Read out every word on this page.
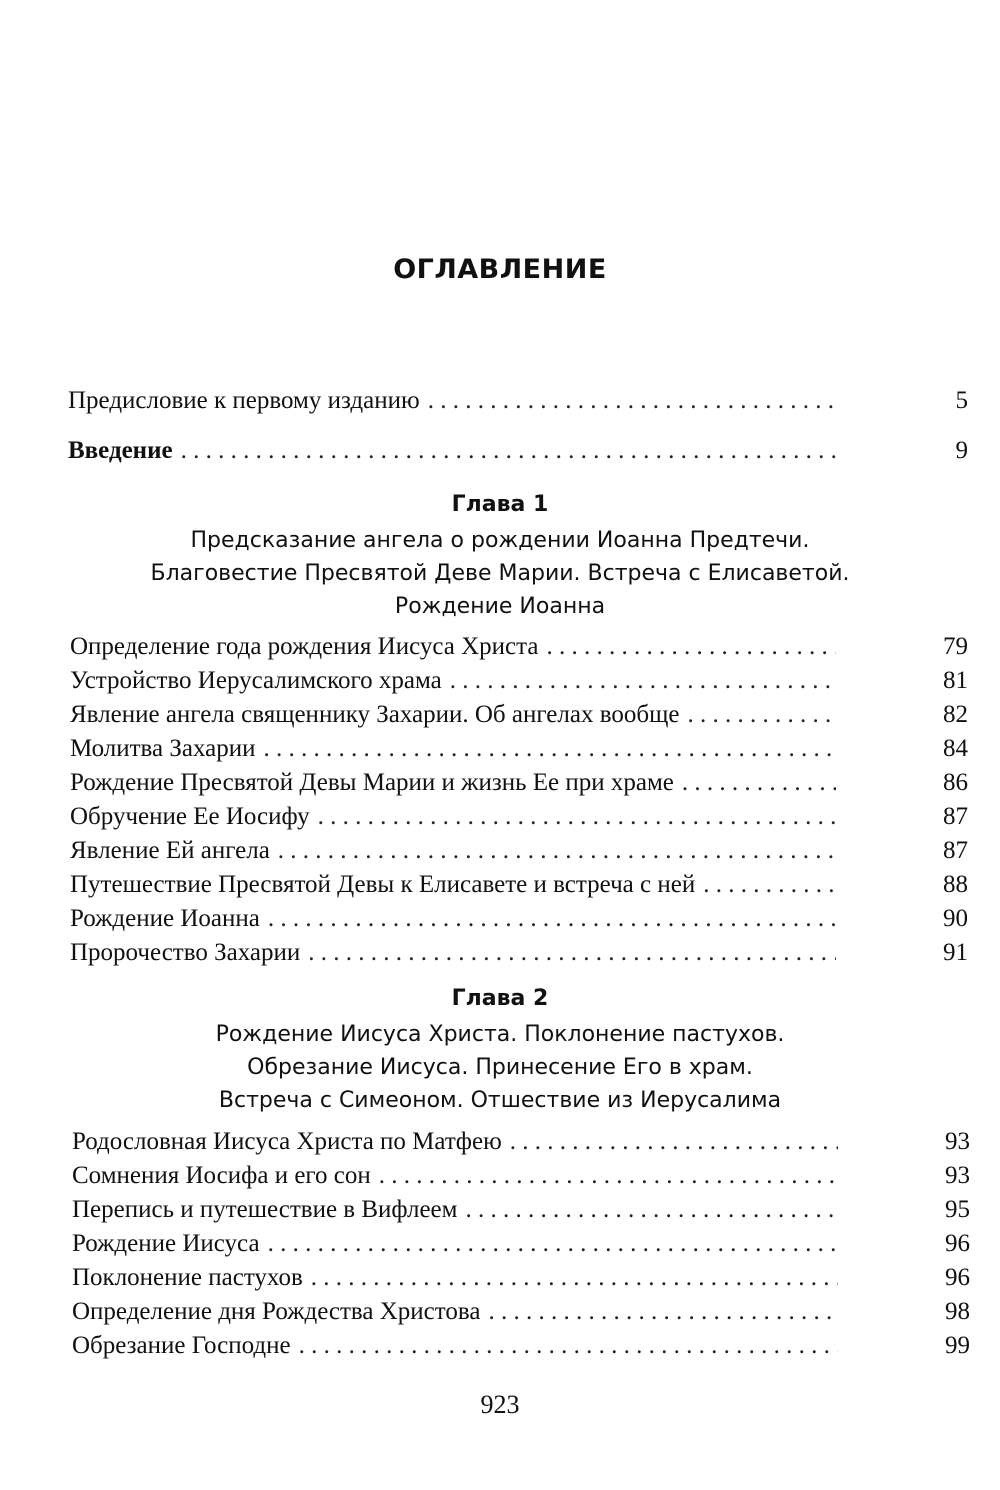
ОГЛАВЛЕНИЕ
Предисловие к первому изданию . . .	5
Введение . . .	9
Глава 1
Предсказание ангела о рождении Иоанна Предтечи.
Благовестие Пресвятой Деве Марии. Встреча с Елисаветой.
Рождение Иоанна
Определение года рождения Иисуса Христа . . .	79
Устройство Иерусалимского храма . . .	81
Явление ангела священнику Захарии. Об ангелах вообще . . .	82
Молитва Захарии . . .	84
Рождение Пресвятой Девы Марии и жизнь Ее при храме . . .	86
Обручение Ее Иосифу . . .	87
Явление Ей ангела . . .	87
Путешествие Пресвятой Девы к Елисавете и встреча с ней . . .	88
Рождение Иоанна . . .	90
Пророчество Захарии . . .	91
Глава 2
Рождение Иисуса Христа. Поклонение пастухов.
Обрезание Иисуса. Принесение Его в храм.
Встреча с Симеоном. Отшествие из Иерусалима
Родословная Иисуса Христа по Матфею . . .	93
Сомнения Иосифа и его сон . . .	93
Перепись и путешествие в Вифлеем . . .	95
Рождение Иисуса . . .	96
Поклонение пастухов . . .	96
Определение дня Рождества Христова . . .	98
Обрезание Господне . . .	99
923
